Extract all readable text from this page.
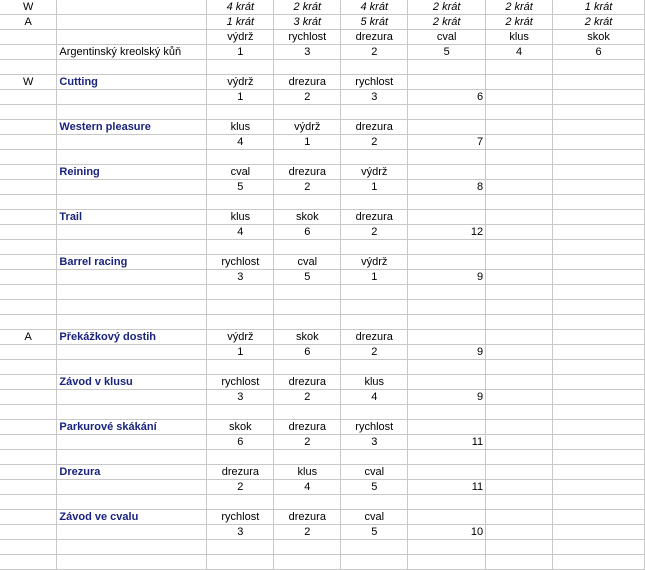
W		4 krát	2 krát	4 krát	2 krát	2 krát	1 krát
A		1 krát	3 krát	5 krát	2 krát	2 krát	2 krát
		výdrž	rychlost	drezura	cval	klus	skok
	Argentinský kreolský kůň	1	3	2	5	4	6

W	Cutting	výdrž	drezura	rychlost			
		1	2	3	6		

	Western pleasure	klus	výdrž	drezura			
		4	1	2	7		

	Reining	cval	drezura	výdrž			
		5	2	1	8		

	Trail	klus	skok	drezura			
		4	6	2	12		

	Barrel racing	rychlost	cval	výdrž			
		3	5	1	9		

A	Překážkový dostih	výdrž	skok	drezura			
		1	6	2	9		

	Závod v klusu	rychlost	drezura	klus			
		3	2	4	9		

	Parkurové skákání	skok	drezura	rychlost			
		6	2	3	11		

	Drezura	drezura	klus	cval			
		2	4	5	11		

	Závod ve cvalu	rychlost	drezura	cval			
		3	2	5	10		
